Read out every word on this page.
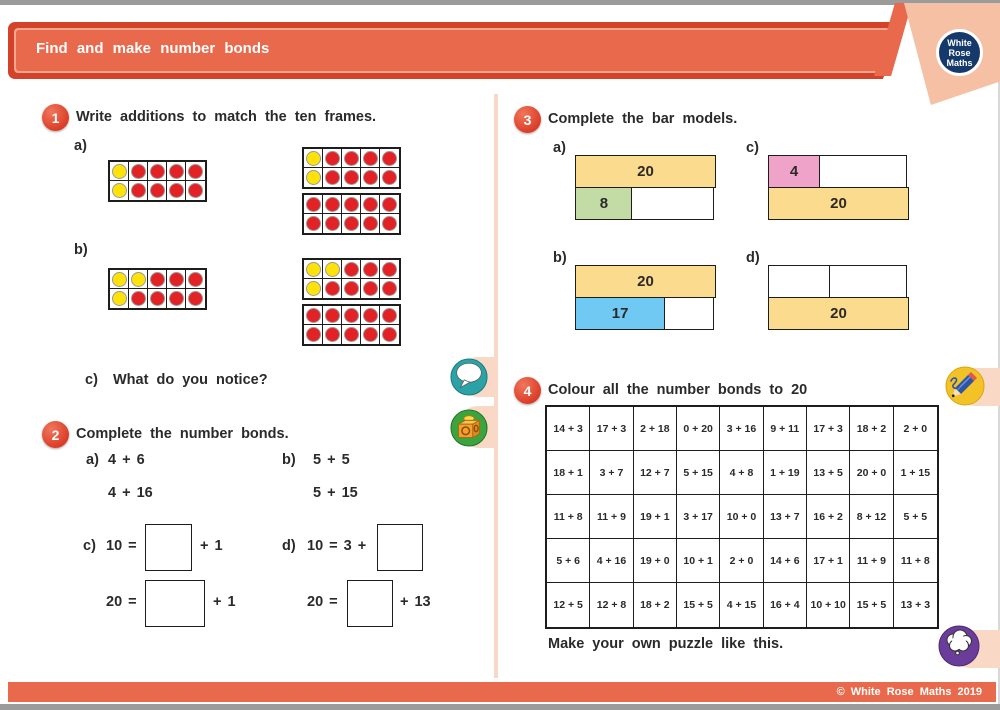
Find and make number bonds	White
Rose
Maths
1	Write additions to match the ten frames.
a)
b)
c) What do you notice?
2	Complete the number bonds.
a) 4 + 6
4 + 16
b) 5 + 5
5 + 15
c) 10 =	+ 1
20 =	+ 1
d) 10 = 3 +
20 =	+ 13
3	Complete the bar models.
a)
20
8
c)
4
20
b)
20
17
d)
20
4	Colour all the number bonds to 20
14 + 3	17 + 3	2 + 18	0 + 20	3 + 16	9 + 11	17 + 3	18 + 2	2 + 0
18 + 1	3 + 7	12 + 7	5 + 15	4 + 8	1 + 19	13 + 5	20 + 0	1 + 15
11 + 8	11 + 9	19 + 1	3 + 17	10 + 0	13 + 7	16 + 2	8 + 12	5 + 5
5 + 6	4 + 16	19 + 0	10 + 1	2 + 0	14 + 6	17 + 1	11 + 9	11 + 8
12 + 5	12 + 8	18 + 2	15 + 5	4 + 15	16 + 4	10 + 10	15 + 5	13 + 3
Make your own puzzle like this.
© White Rose Maths 2019
